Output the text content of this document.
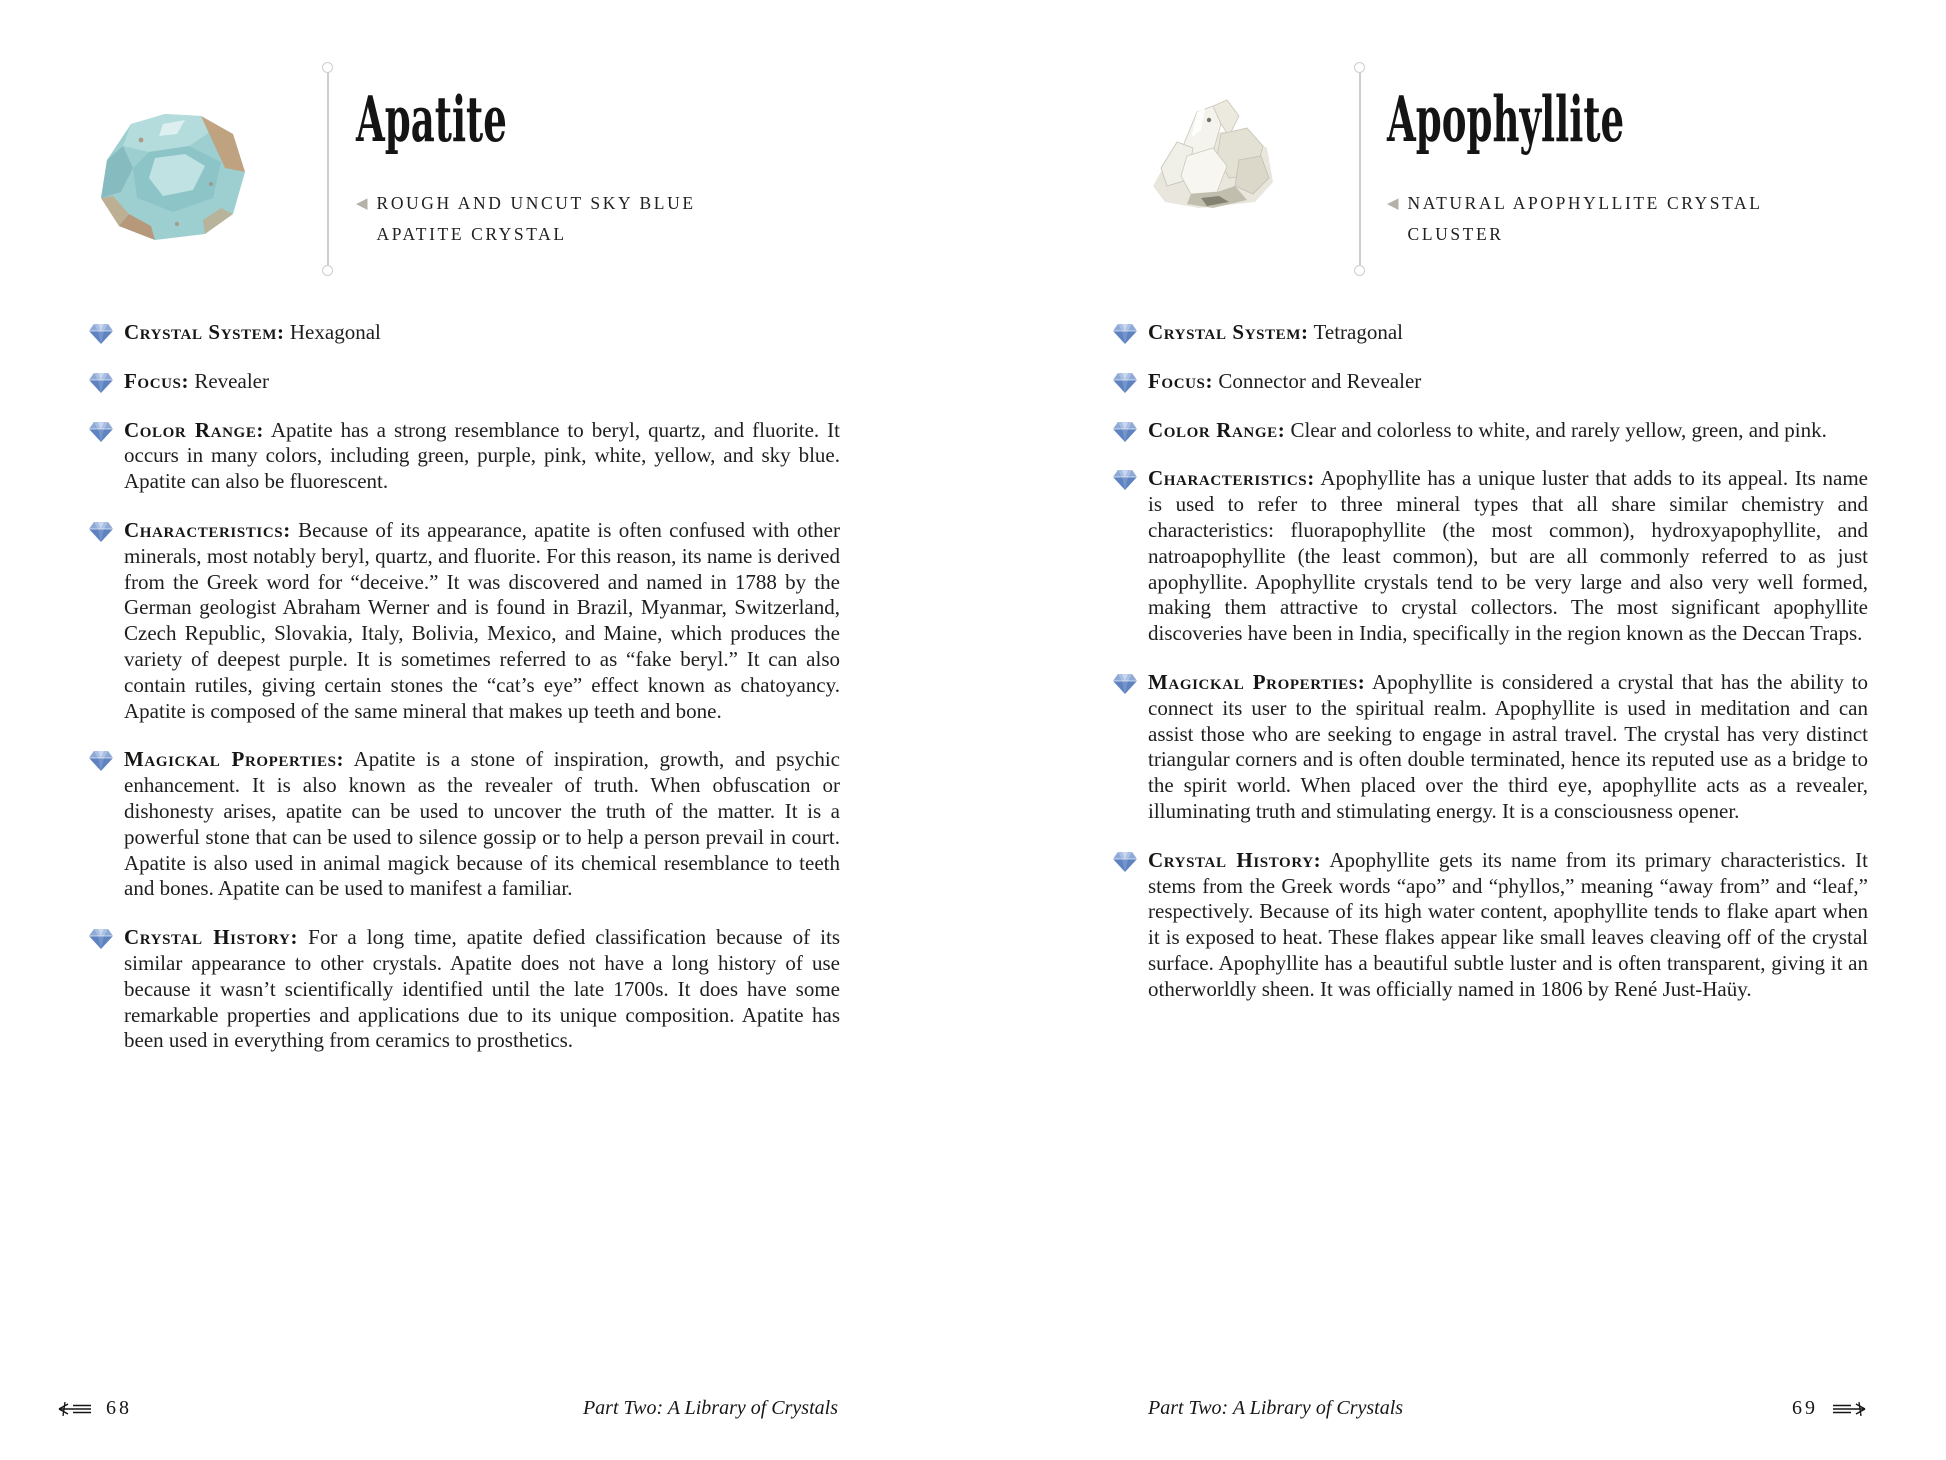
Apatite
◀ ROUGH AND UNCUT SKY BLUE
APATITE CRYSTAL

Crystal System: Hexagonal

Focus: Revealer

Color Range: Apatite has a strong resemblance to beryl, quartz, and fluorite. It occurs in many colors, including green, purple, pink, white, yellow, and sky blue. Apatite can also be fluorescent.

Characteristics: Because of its appearance, apatite is often confused with other minerals, most notably beryl, quartz, and fluorite. For this reason, its name is derived from the Greek word for “deceive.” It was discovered and named in 1788 by the German geologist Abraham Werner and is found in Brazil, Myanmar, Switzerland, Czech Republic, Slovakia, Italy, Bolivia, Mexico, and Maine, which produces the variety of deepest purple. It is sometimes referred to as “fake beryl.” It can also contain rutiles, giving certain stones the “cat’s eye” effect known as chatoyancy. Apatite is composed of the same mineral that makes up teeth and bone.

Magickal Properties: Apatite is a stone of inspiration, growth, and psychic enhancement. It is also known as the revealer of truth. When obfuscation or dishonesty arises, apatite can be used to uncover the truth of the matter. It is a powerful stone that can be used to silence gossip or to help a person prevail in court. Apatite is also used in animal magick because of its chemical resemblance to teeth and bones. Apatite can be used to manifest a familiar.

Crystal History: For a long time, apatite defied classification because of its similar appearance to other crystals. Apatite does not have a long history of use because it wasn’t scientifically identified until the late 1700s. It does have some remarkable properties and applications due to its unique composition. Apatite has been used in everything from ceramics to prosthetics.

68	Part Two: A Library of Crystals
Apophyllite
◀ NATURAL APOPHYLLITE CRYSTAL
CLUSTER

Crystal System: Tetragonal

Focus: Connector and Revealer

Color Range: Clear and colorless to white, and rarely yellow, green, and pink.

Characteristics: Apophyllite has a unique luster that adds to its appeal. Its name is used to refer to three mineral types that all share similar chemistry and characteristics: fluorapophyllite (the most common), hydroxyapophyllite, and natroapophyllite (the least common), but are all commonly referred to as just apophyllite. Apophyllite crystals tend to be very large and also very well formed, making them attractive to crystal collectors. The most significant apophyllite discoveries have been in India, specifically in the region known as the Deccan Traps.

Magickal Properties: Apophyllite is considered a crystal that has the ability to connect its user to the spiritual realm. Apophyllite is used in meditation and can assist those who are seeking to engage in astral travel. The crystal has very distinct triangular corners and is often double terminated, hence its reputed use as a bridge to the spirit world. When placed over the third eye, apophyllite acts as a revealer, illuminating truth and stimulating energy. It is a consciousness opener.

Crystal History: Apophyllite gets its name from its primary characteristics. It stems from the Greek words “apo” and “phyllos,” meaning “away from” and “leaf,” respectively. Because of its high water content, apophyllite tends to flake apart when it is exposed to heat. These flakes appear like small leaves cleaving off of the crystal surface. Apophyllite has a beautiful subtle luster and is often transparent, giving it an otherworldly sheen. It was officially named in 1806 by René Just-Haüy.

Part Two: A Library of Crystals	69
